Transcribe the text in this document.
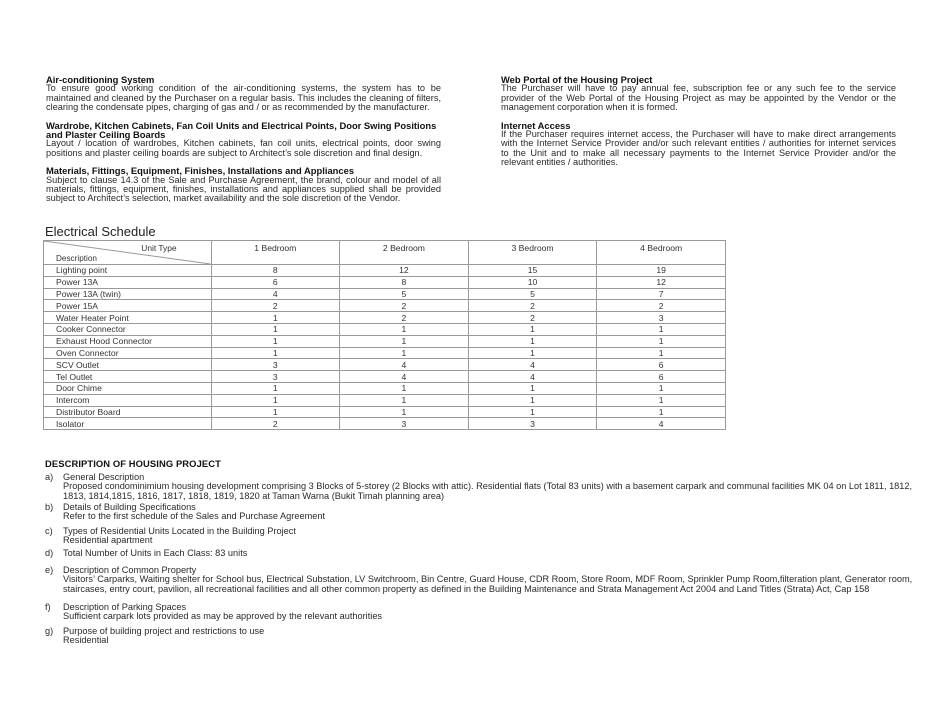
Air-conditioning System

To ensure good working condition of the air-conditioning systems, the system has to be maintained and cleaned by the Purchaser on a regular basis. This includes the cleaning of filters, clearing the condensate pipes, charging of gas and / or as recommended by the manufacturer.

Wardrobe, Kitchen Cabinets, Fan Coil Units and Electrical Points, Door Swing Positions and Plaster Ceiling Boards

Layout / location of wardrobes, Kitchen cabinets, fan coil units, electrical points, door swing positions and plaster ceiling boards are subject to Architect’s sole discretion and final design.

Materials, Fittings, Equipment, Finishes, Installations and Appliances

Subject to clause 14.3 of the Sale and Purchase Agreement, the brand, colour and model of all materials, fittings, equipment, finishes, installations and appliances supplied shall be provided subject to Architect’s selection, market availability and the sole discretion of the Vendor.

Web Portal of the Housing Project

The Purchaser will have to pay annual fee, subscription fee or any such fee to the service provider of the Web Portal of the Housing Project as may be appointed by the Vendor or the management corporation when it is formed.

Internet Access

If the Purchaser requires internet access, the Purchaser will have to make direct arrangements with the Internet Service Provider and/or such relevant entities / authorities for internet services to the Unit and to make all necessary payments to the Internet Service Provider and/or the relevant entities / authorities.

Electrical Schedule
Unit Type
Description	1 Bedroom	2 Bedroom	3 Bedroom	4 Bedroom
Lighting point	8	12	15	19
Power 13A	6	8	10	12
Power 13A (twin)	4	5	5	7
Power 15A	2	2	2	2
Water Heater Point	1	2	2	3
Cooker Connector	1	1	1	1
Exhaust Hood Connector	1	1	1	1
Oven Connector	1	1	1	1
SCV Outlet	3	4	4	6
Tel Outlet	3	4	4	6
Door Chime	1	1	1	1
Intercom	1	1	1	1
Distributor Board	1	1	1	1
Isolator	2	3	3	4
DESCRIPTION OF HOUSING PROJECT
a) General Description
Proposed condominimium housing development comprising 3 Blocks of 5-storey (2 Blocks with attic). Residential flats (Total 83 units) with a basement carpark and communal facilities MK 04 on Lot 1811, 1812, 1813, 1814,1815, 1816, 1817, 1818, 1819, 1820 at Taman Warna (Bukit Timah planning area)
b) Details of Building Specifications
Refer to the first schedule of the Sales and Purchase Agreement
c) Types of Residential Units Located in the Building Project
Residential apartment
d) Total Number of Units in Each Class: 83 units
e) Description of Common Property
Visitors’ Carparks, Waiting shelter for School bus, Electrical Substation, LV Switchroom, Bin Centre, Guard House, CDR Room, Store Room, MDF Room, Sprinkler Pump Room,filteration plant, Generator room, staircases, entry court, pavilion, all recreational facilities and all other common property as defined in the Building Maintenance and Strata Management Act 2004 and Land Titles (Strata) Act, Cap 158
f) Description of Parking Spaces
Sufficient carpark lots provided as may be approved by the relevant authorities
g) Purpose of building project and restrictions to use
Residential
